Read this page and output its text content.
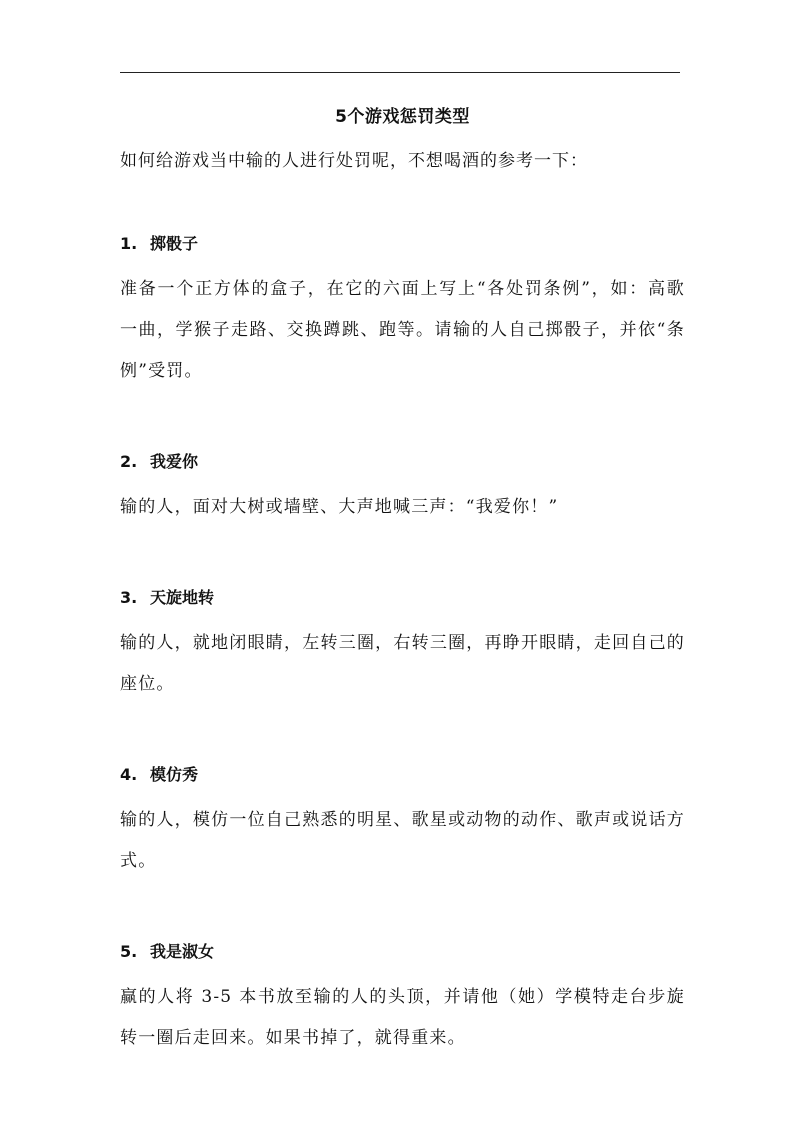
5个游戏惩罚类型

如何给游戏当中输的人进行处罚呢，不想喝酒的参考一下：

1. 掷骰子

准备一个正方体的盒子，在它的六面上写上“各处罚条例”，如：高歌一曲，学猴子走路、交换蹲跳、跑等。请输的人自己掷骰子，并依“条例”受罚。

2. 我爱你

输的人，面对大树或墙壁、大声地喊三声：“我爱你！”

3. 天旋地转

输的人，就地闭眼睛，左转三圈，右转三圈，再睁开眼睛，走回自己的座位。

4. 模仿秀

输的人，模仿一位自己熟悉的明星、歌星或动物的动作、歌声或说话方式。

5. 我是淑女

赢的人将 3-5 本书放至输的人的头顶，并请他（她）学模特走台步旋转一圈后走回来。如果书掉了，就得重来。
